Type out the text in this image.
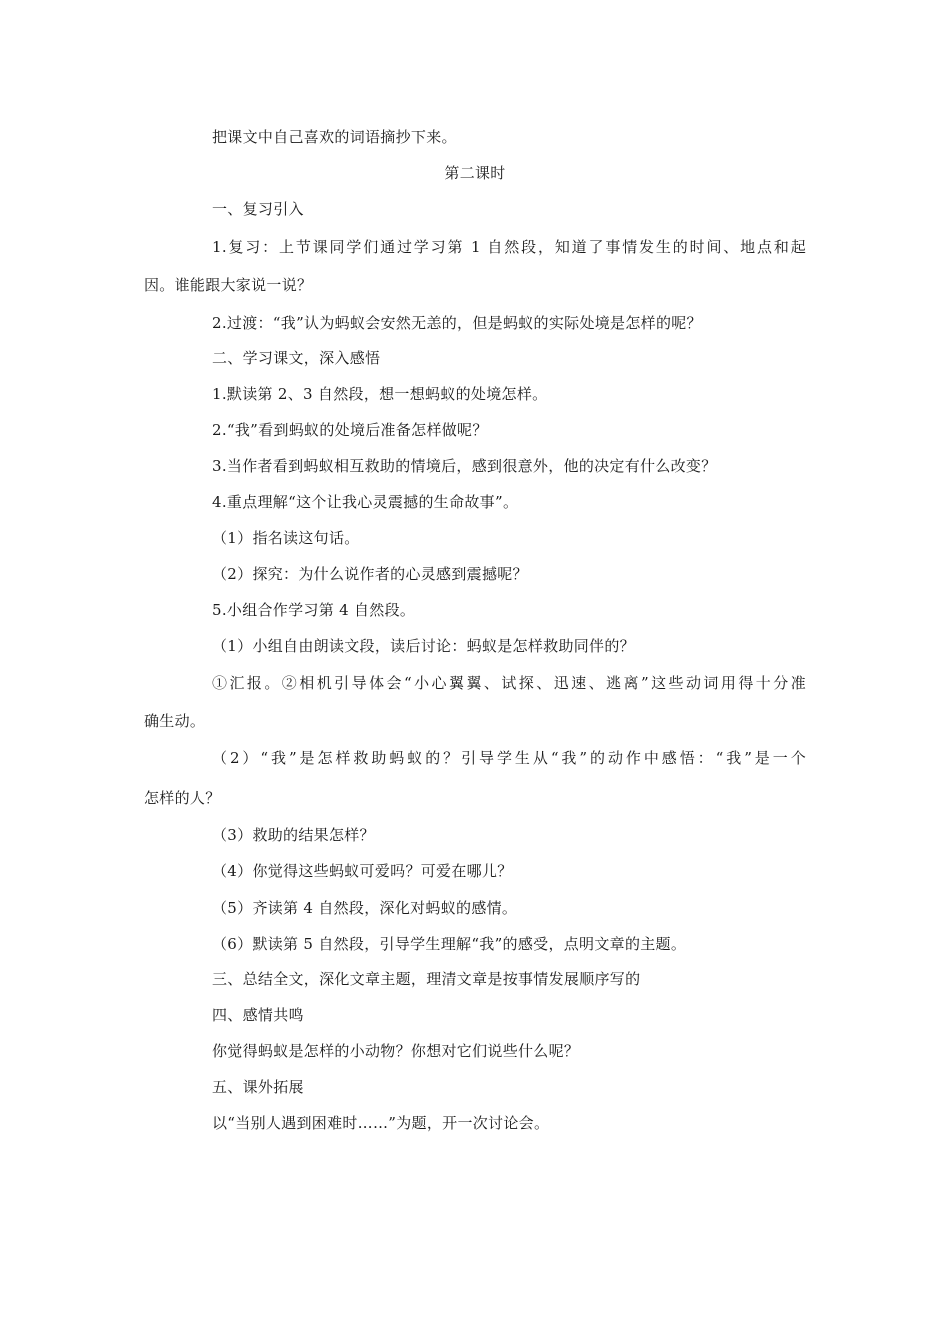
把课文中自己喜欢的词语摘抄下来。
第二课时
一、复习引入
1.复习：上节课同学们通过学习第 1 自然段，知道了事情发生的时间、地点和起
因。谁能跟大家说一说？
2.过渡：“我”认为蚂蚁会安然无恙的，但是蚂蚁的实际处境是怎样的呢？
二、学习课文，深入感悟
1.默读第 2、3 自然段，想一想蚂蚁的处境怎样。
2.“我”看到蚂蚁的处境后准备怎样做呢？
3.当作者看到蚂蚁相互救助的情境后，感到很意外，他的决定有什么改变？
4.重点理解“这个让我心灵震撼的生命故事”。
（1）指名读这句话。
（2）探究：为什么说作者的心灵感到震撼呢？
5.小组合作学习第 4 自然段。
（1）小组自由朗读文段，读后讨论：蚂蚁是怎样救助同伴的？
①汇报。②相机引导体会“小心翼翼、试探、迅速、逃离”这些动词用得十分准
确生动。
（2）“我”是怎样救助蚂蚁的？引导学生从“我”的动作中感悟：“我”是一个
怎样的人？
（3）救助的结果怎样？
（4）你觉得这些蚂蚁可爱吗？可爱在哪儿？
（5）齐读第 4 自然段，深化对蚂蚁的感情。
（6）默读第 5 自然段，引导学生理解“我”的感受，点明文章的主题。
三、总结全文，深化文章主题，理清文章是按事情发展顺序写的
四、感情共鸣
你觉得蚂蚁是怎样的小动物？你想对它们说些什么呢？
五、课外拓展
以“当别人遇到困难时……”为题，开一次讨论会。
